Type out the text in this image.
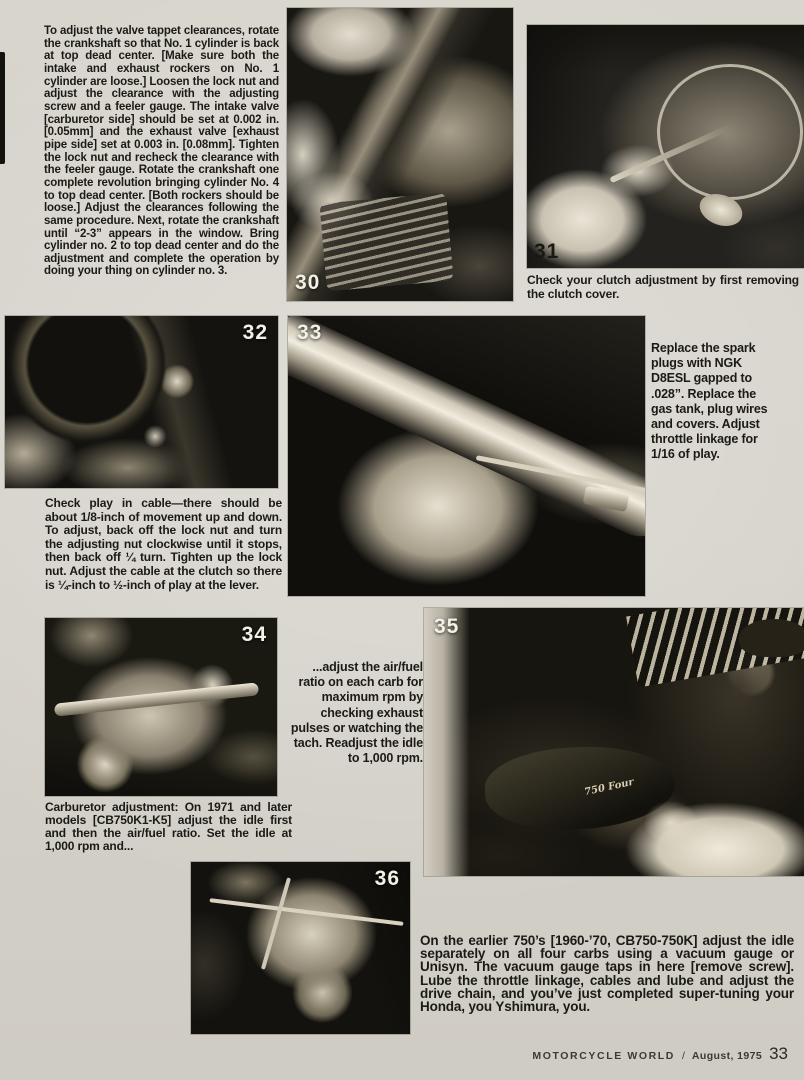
To adjust the valve tappet clearances, rotate the crankshaft so that No. 1 cylinder is back at top dead center. [Make sure both the intake and exhaust rockers on No. 1 cylinder are loose.] Loosen the lock nut and adjust the clearance with the adjusting screw and a feeler gauge. The intake valve [carburetor side] should be set at 0.002 in. [0.05mm] and the exhaust valve [exhaust pipe side] set at 0.003 in. [0.08mm]. Tighten the lock nut and recheck the clearance with the feeler gauge. Rotate the crankshaft one complete revolution bringing cylinder No. 4 to top dead center. [Both rockers should be loose.] Adjust the clearances following the same procedure. Next, rotate the crankshaft until “2-3” appears in the window. Bring cylinder no. 2 to top dead center and do the adjustment and complete the operation by doing your thing on cylinder no. 3.	30
31
Check your clutch adjustment by first removing the clutch cover.
32
Check play in cable—there should be about 1/8-inch of movement up and down. To adjust, back off the lock nut and turn the adjusting nut clockwise until it stops, then back off ¼ turn. Tighten up the lock nut. Adjust the cable at the clutch so there is ¼-inch to ½-inch of play at the lever.
33
Replace the spark plugs with NGK D8ESL gapped to .028”. Replace the gas tank, plug wires and covers. Adjust throttle linkage for 1/16 of play.
34
Carburetor adjustment: On 1971 and later models [CB750K1-K5] adjust the idle first and then the air/fuel ratio. Set the idle at 1,000 rpm and...
...adjust the air/fuel ratio on each carb for maximum rpm by checking exhaust pulses or watching the tach. Readjust the idle to 1,000 rpm.
750 Four
35
36
On the earlier 750’s [1960-’70, CB750-750K] adjust the idle separately on all four carbs using a vacuum gauge or Unisyn. The vacuum gauge taps in here [remove screw]. Lube the throttle linkage, cables and lube and adjust the drive chain, and you’ve just completed super-tuning your Honda, you Yshimura, you.
MOTORCYCLE WORLD / August, 1975 33
